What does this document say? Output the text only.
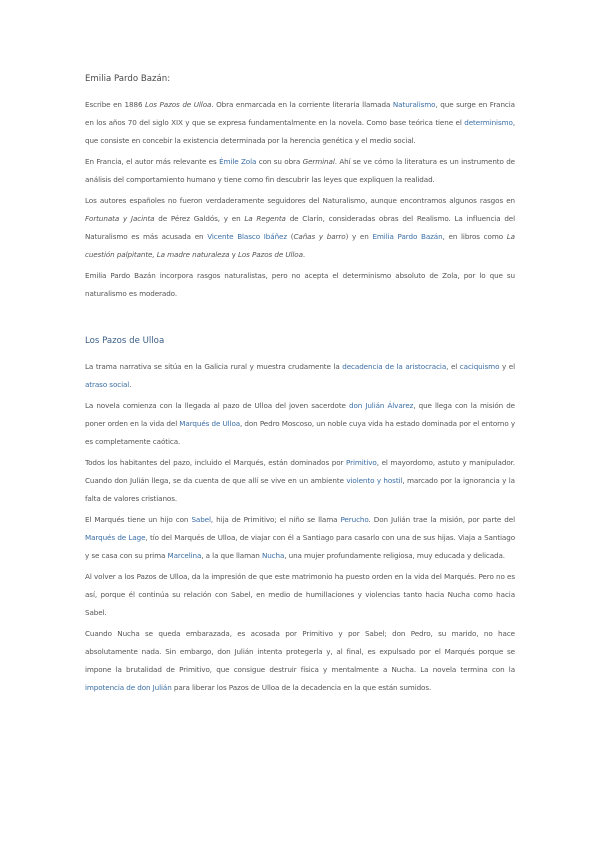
Emilia Pardo Bazán:

Escribe en 1886 Los Pazos de Ulloa. Obra enmarcada en la corriente literaria llamada Naturalismo, que surge en Francia en los años 70 del siglo XIX y que se expresa fundamentalmente en la novela. Como base teórica tiene el determinismo, que consiste en concebir la existencia determinada por la herencia genética y el medio social.

En Francia, el autor más relevante es Émile Zola con su obra Germinal. Ahí se ve cómo la literatura es un instrumento de análisis del comportamiento humano y tiene como fin descubrir las leyes que expliquen la realidad.

Los autores españoles no fueron verdaderamente seguidores del Naturalismo, aunque encontramos algunos rasgos en Fortunata y Jacinta de Pérez Galdós, y en La Regenta de Clarín, consideradas obras del Realismo. La influencia del Naturalismo es más acusada en Vicente Blasco Ibáñez (Cañas y barro) y en Emilia Pardo Bazán, en libros como La cuestión palpitante, La madre naturaleza y Los Pazos de Ulloa.

Emilia Pardo Bazán incorpora rasgos naturalistas, pero no acepta el determinismo absoluto de Zola, por lo que su naturalismo es moderado.

Los Pazos de Ulloa

La trama narrativa se sitúa en la Galicia rural y muestra crudamente la decadencia de la aristocracia, el caciquismo y el atraso social.

La novela comienza con la llegada al pazo de Ulloa del joven sacerdote don Julián Álvarez, que llega con la misión de poner orden en la vida del Marqués de Ulloa, don Pedro Moscoso, un noble cuya vida ha estado dominada por el entorno y es completamente caótica.

Todos los habitantes del pazo, incluido el Marqués, están dominados por Primitivo, el mayordomo, astuto y manipulador. Cuando don Julián llega, se da cuenta de que allí se vive en un ambiente violento y hostil, marcado por la ignorancia y la falta de valores cristianos.

El Marqués tiene un hijo con Sabel, hija de Primitivo; el niño se llama Perucho. Don Julián trae la misión, por parte del Marqués de Lage, tío del Marqués de Ulloa, de viajar con él a Santiago para casarlo con una de sus hijas. Viaja a Santiago y se casa con su prima Marcelina, a la que llaman Nucha, una mujer profundamente religiosa, muy educada y delicada.

Al volver a los Pazos de Ulloa, da la impresión de que este matrimonio ha puesto orden en la vida del Marqués. Pero no es así, porque él continúa su relación con Sabel, en medio de humillaciones y violencias tanto hacia Nucha como hacia Sabel.

Cuando Nucha se queda embarazada, es acosada por Primitivo y por Sabel; don Pedro, su marido, no hace absolutamente nada. Sin embargo, don Julián intenta protegerla y, al final, es expulsado por el Marqués porque se impone la brutalidad de Primitivo, que consigue destruir física y mentalmente a Nucha. La novela termina con la impotencia de don Julián para liberar los Pazos de Ulloa de la decadencia en la que están sumidos.
